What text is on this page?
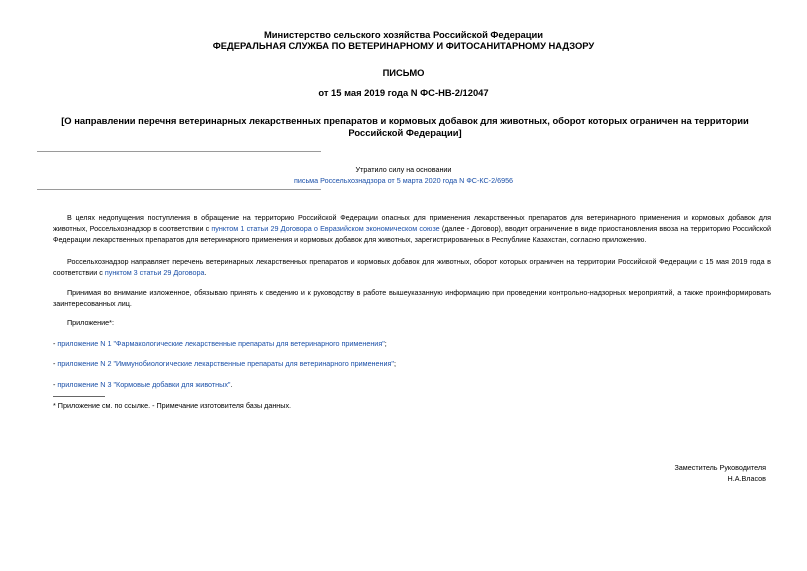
Министерство сельского хозяйства Российской Федерации
ФЕДЕРАЛЬНАЯ СЛУЖБА ПО ВЕТЕРИНАРНОМУ И ФИТОСАНИТАРНОМУ НАДЗОРУ
ПИСЬМО
от 15 мая 2019 года N ФС-НВ-2/12047
[О направлении перечня ветеринарных лекарственных препаратов и кормовых добавок для животных, оборот которых ограничен на территории Российской Федерации]
Утратило силу на основании
письма Россельхознадзора от 5 марта 2020 года N ФС-КС-2/6956
В целях недопущения поступления в обращение на территорию Российской Федерации опасных для применения лекарственных препаратов для ветеринарного применения и кормовых добавок для животных, Россельхознадзор в соответствии с пунктом 1 статьи 29 Договора о Евразийском экономическом союзе (далее - Договор), вводит ограничение в виде приостановления ввоза на территорию Российской Федерации лекарственных препаратов для ветеринарного применения и кормовых добавок для животных, зарегистрированных в Республике Казахстан, согласно приложению.
Россельхознадзор направляет перечень ветеринарных лекарственных препаратов и кормовых добавок для животных, оборот которых ограничен на территории Российской Федерации с 15 мая 2019 года в соответствии с пунктом 3 статьи 29 Договора.
Принимая во внимание изложенное, обязываю принять к сведению и к руководству в работе вышеуказанную информацию при проведении контрольно-надзорных мероприятий, а также проинформировать заинтересованных лиц.
Приложение*:
- приложение N 1 "Фармакологические лекарственные препараты для ветеринарного применения";
- приложение N 2 "Иммунобиологические лекарственные препараты для ветеринарного применения";
- приложение N 3 "Кормовые добавки для животных".
* Приложение см. по ссылке. - Примечание изготовителя базы данных.
Заместитель Руководителя
Н.А.Власов
